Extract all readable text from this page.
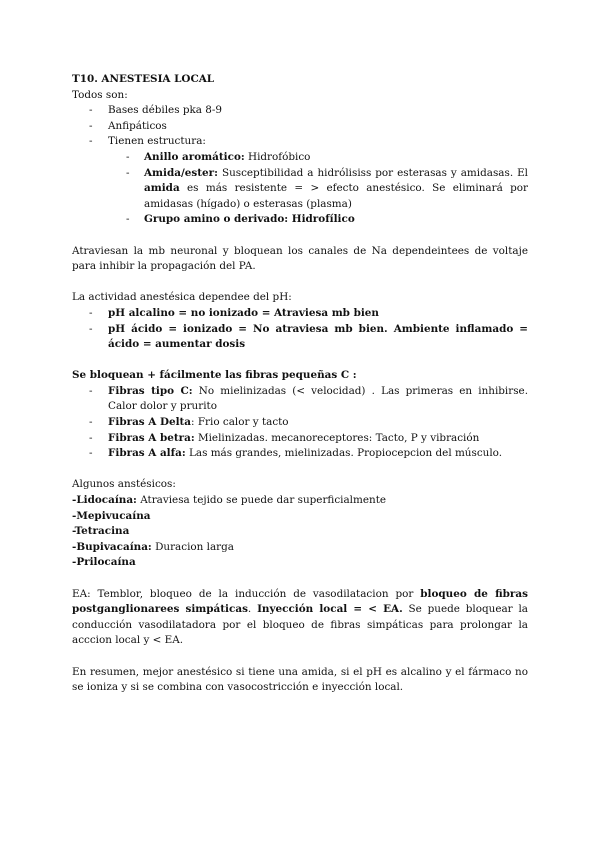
T10. ANESTESIA LOCAL

Todos son:

- Bases débiles pka 8-9
- Anfipáticos
- Tienen estructura:
- Anillo aromático: Hidrofóbico
- Amida/ester: Susceptibilidad a hidrólisiss por esterasas y amidasas. El amida es más resistente = > efecto anestésico. Se eliminará por amidasas (hígado) o esterasas (plasma)
- Grupo amino o derivado: Hidrofílico

Atraviesan la mb neuronal y bloquean los canales de Na dependeintees de voltaje para inhibir la propagación del PA.

La actividad anestésica dependee del pH:

- pH alcalino = no ionizado = Atraviesa mb bien
- pH ácido = ionizado = No atraviesa mb bien. Ambiente inflamado = ácido = aumentar dosis

Se bloquean + fácilmente las fibras pequeñas C :

- Fibras tipo C: No mielinizadas (< velocidad) . Las primeras en inhibirse. Calor dolor y prurito
- Fibras A Delta: Frio calor y tacto
- Fibras A betra: Mielinizadas. mecanoreceptores: Tacto, P y vibración
- Fibras A alfa: Las más grandes, mielinizadas. Propiocepcion del músculo.

Algunos anstésicos:

-Lidocaína: Atraviesa tejido se puede dar superficialmente

-Mepivucaína

-Tetracina

-Bupivacaína: Duracion larga

-Prilocaína

EA: Temblor, bloqueo de la inducción de vasodilatacion por bloqueo de fibras postganglionarees simpáticas. Inyección local = < EA. Se puede bloquear la conducción vasodilatadora por el bloqueo de fibras simpáticas para prolongar la acccion local y < EA.

En resumen, mejor anestésico si tiene una amida, si el pH es alcalino y el fármaco no se ioniza y si se combina con vasocostricción e inyección local.
